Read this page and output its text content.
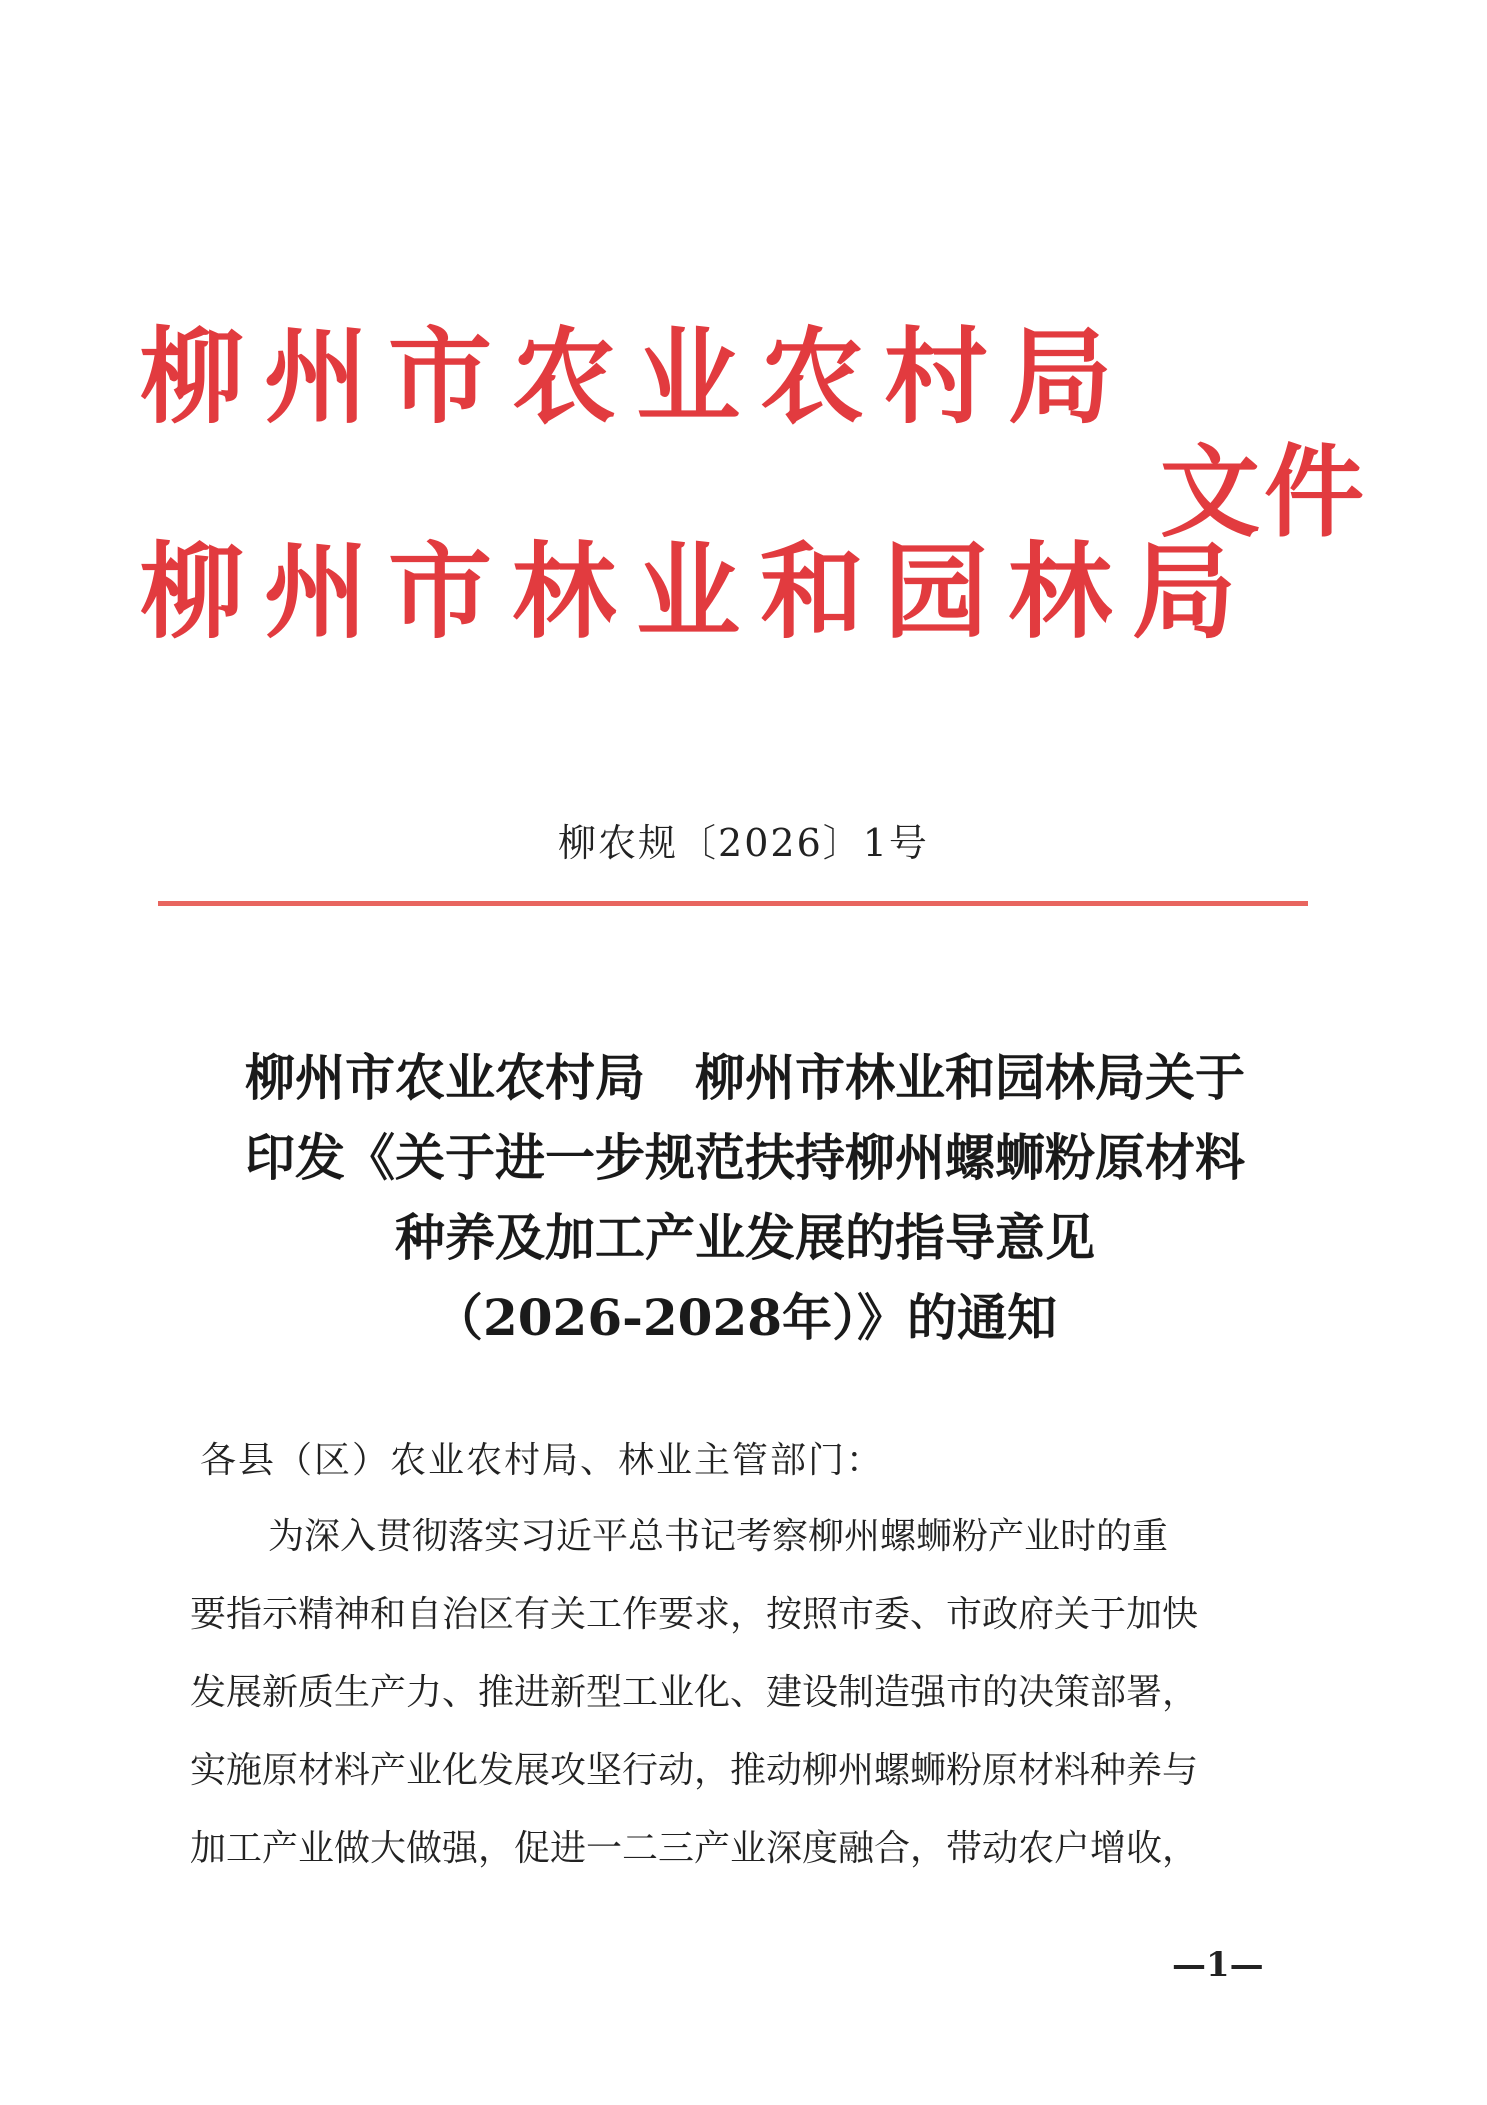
柳州市农业农村局
柳州市林业和园林局
文件
柳农规〔2026〕1号
柳州市农业农村局　柳州市林业和园林局关于
印发《关于进一步规范扶持柳州螺蛳粉原材料
种养及加工产业发展的指导意见
（2026-2028年）》的通知
各县（区）农业农村局、林业主管部门：
为深入贯彻落实习近平总书记考察柳州螺蛳粉产业时的重
要指示精神和自治区有关工作要求，按照市委、市政府关于加快
发展新质生产力、推进新型工业化、建设制造强市的决策部署，
实施原材料产业化发展攻坚行动，推动柳州螺蛳粉原材料种养与
加工产业做大做强，促进一二三产业深度融合，带动农户增收，
—1—
